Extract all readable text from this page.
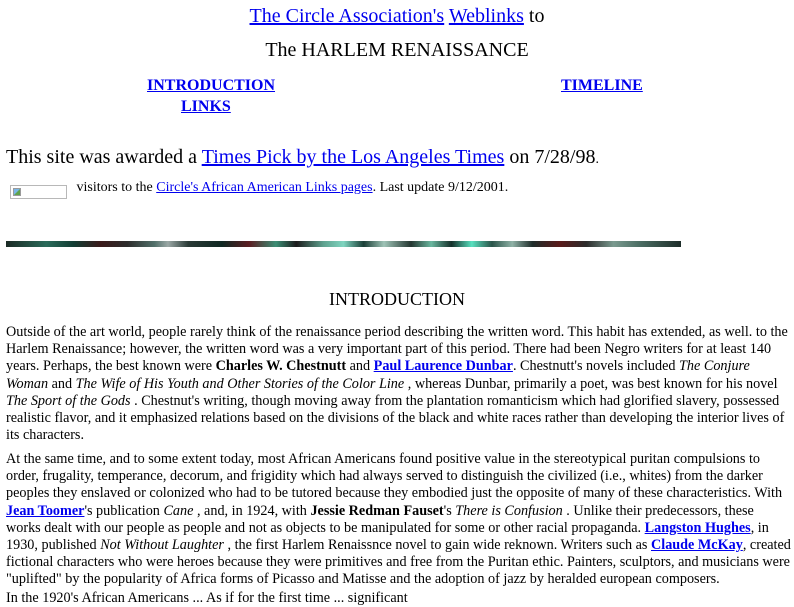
The Circle Association's Weblinks to
The HARLEM RENAISSANCE
INTRODUCTION	TIMELINE
LINKS
This site was awarded a Times Pick by the Los Angeles Times on 7/28/98.
visitors to the Circle's African American Links pages. Last update 9/12/2001.
INTRODUCTION
Outside of the art world, people rarely think of the renaissance period describing the written word. This habit has extended, as well. to the Harlem Renaissance; however, the written word was a very important part of this period. There had been Negro writers for at least 140 years. Perhaps, the best known were Charles W. Chestnutt and Paul Laurence Dunbar. Chestnutt's novels included The Conjure Woman and The Wife of His Youth and Other Stories of the Color Line , whereas Dunbar, primarily a poet, was best known for his novel The Sport of the Gods . Chestnut's writing, though moving away from the plantation romanticism which had glorified slavery, possessed realistic flavor, and it emphasized relations based on the divisions of the black and white races rather than developing the interior lives of its characters.
At the same time, and to some extent today, most African Americans found positive value in the stereotypical puritan compulsions to order, frugality, temperance, decorum, and frigidity which had always served to distinguish the civilized (i.e., whites) from the darker peoples they enslaved or colonized who had to be tutored because they embodied just the opposite of many of these characteristics. With Jean Toomer's publication Cane , and, in 1924, with Jessie Redman Fauset's There is Confusion . Unlike their predecessors, these works dealt with our people as people and not as objects to be manipulated for some or other racial propaganda. Langston Hughes, in 1930, published Not Without Laughter , the first Harlem Renaissnce novel to gain wide reknown. Writers such as Claude McKay, created fictional characters who were heroes because they were primitives and free from the Puritan ethic. Painters, sculptors, and musicians were "uplifted" by the popularity of Africa forms of Picasso and Matisse and the adoption of jazz by heralded european composers.
In the 1920's African Americans ... As if for the first time ... significant
